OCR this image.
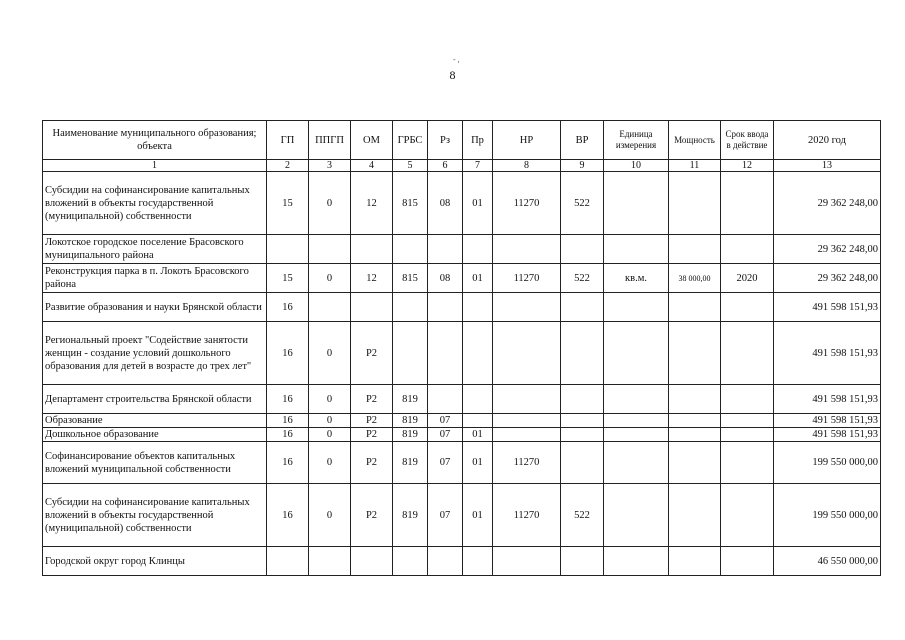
- ,
8
Наименование муниципального образования; объекта	ГП	ППГП	ОМ	ГРБС	Рз	Пр	НР	ВР	Единица измерения	Мощность	Срок ввода в действие	2020 год
1	2	3	4	5	6	7	8	9	10	11	12	13
Субсидии на софинансирование капитальных вложений в объекты государственной (муниципальной) собственности	15	0	12	815	08	01	11270	522				29 362 248,00
Локотское городское поселение Брасовского муниципального района												29 362 248,00
Реконструкция парка в п. Локоть Брасовского района	15	0	12	815	08	01	11270	522	кв.м.	38 000,00	2020	29 362 248,00
Развитие образования и науки Брянской области	16											491 598 151,93
Региональный проект "Содействие занятости женщин - создание условий дошкольного образования для детей в возрасте до трех лет"	16	0	P2									491 598 151,93
Департамент строительства Брянской области	16	0	P2	819								491 598 151,93
Образование	16	0	P2	819	07							491 598 151,93
Дошкольное образование	16	0	P2	819	07	01						491 598 151,93
Софинансирование объектов капитальных вложений муниципальной собственности	16	0	P2	819	07	01	11270					199 550 000,00
Субсидии на софинансирование капитальных вложений в объекты государственной (муниципальной) собственности	16	0	P2	819	07	01	11270	522				199 550 000,00
Городской округ город Клинцы												46 550 000,00
